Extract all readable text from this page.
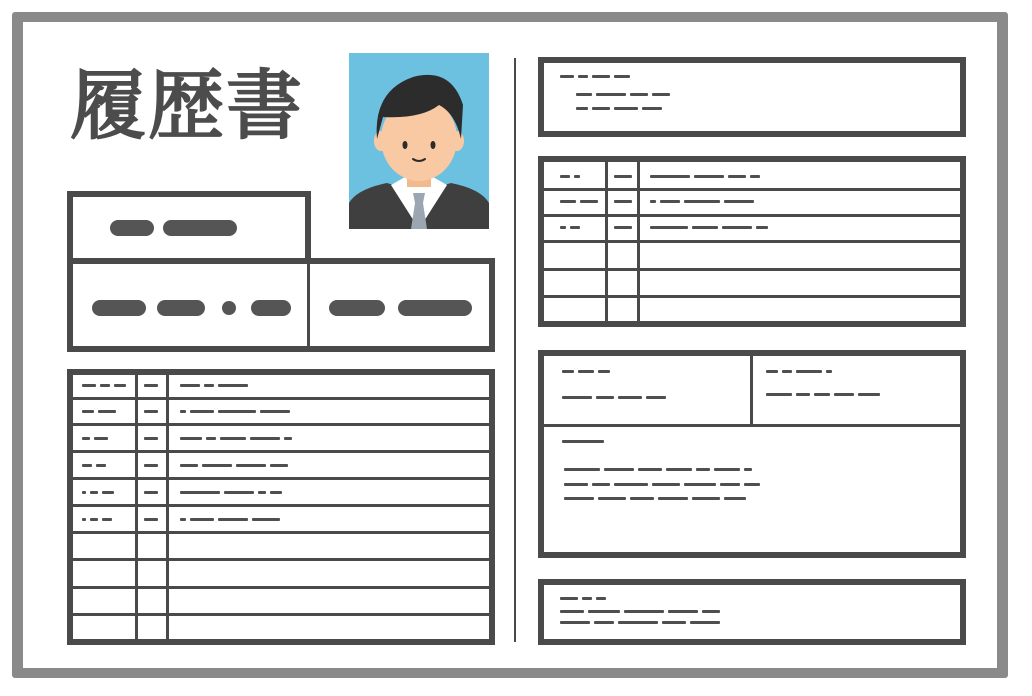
履歴書
